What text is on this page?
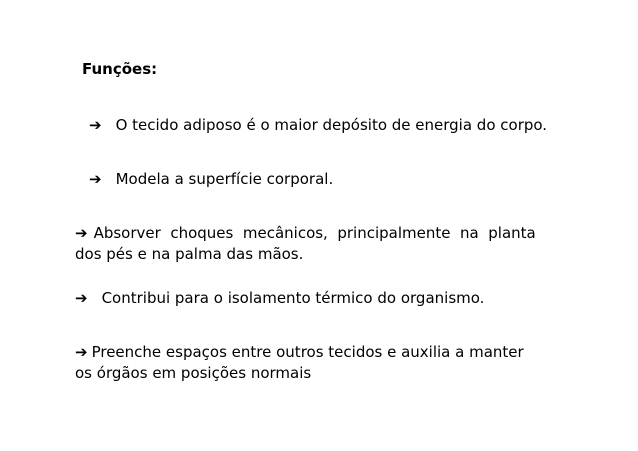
Funções:
➔ O tecido adiposo é o maior depósito de energia do corpo.
➔ Modela a superfície corporal.
➔ Absorver  choques  mecânicos,  principalmente  na  planta
dos pés e na palma das mãos.
➔ Contribui para o isolamento térmico do organismo.
➔ Preenche espaços entre outros tecidos e auxilia a manter
os órgãos em posições normais
